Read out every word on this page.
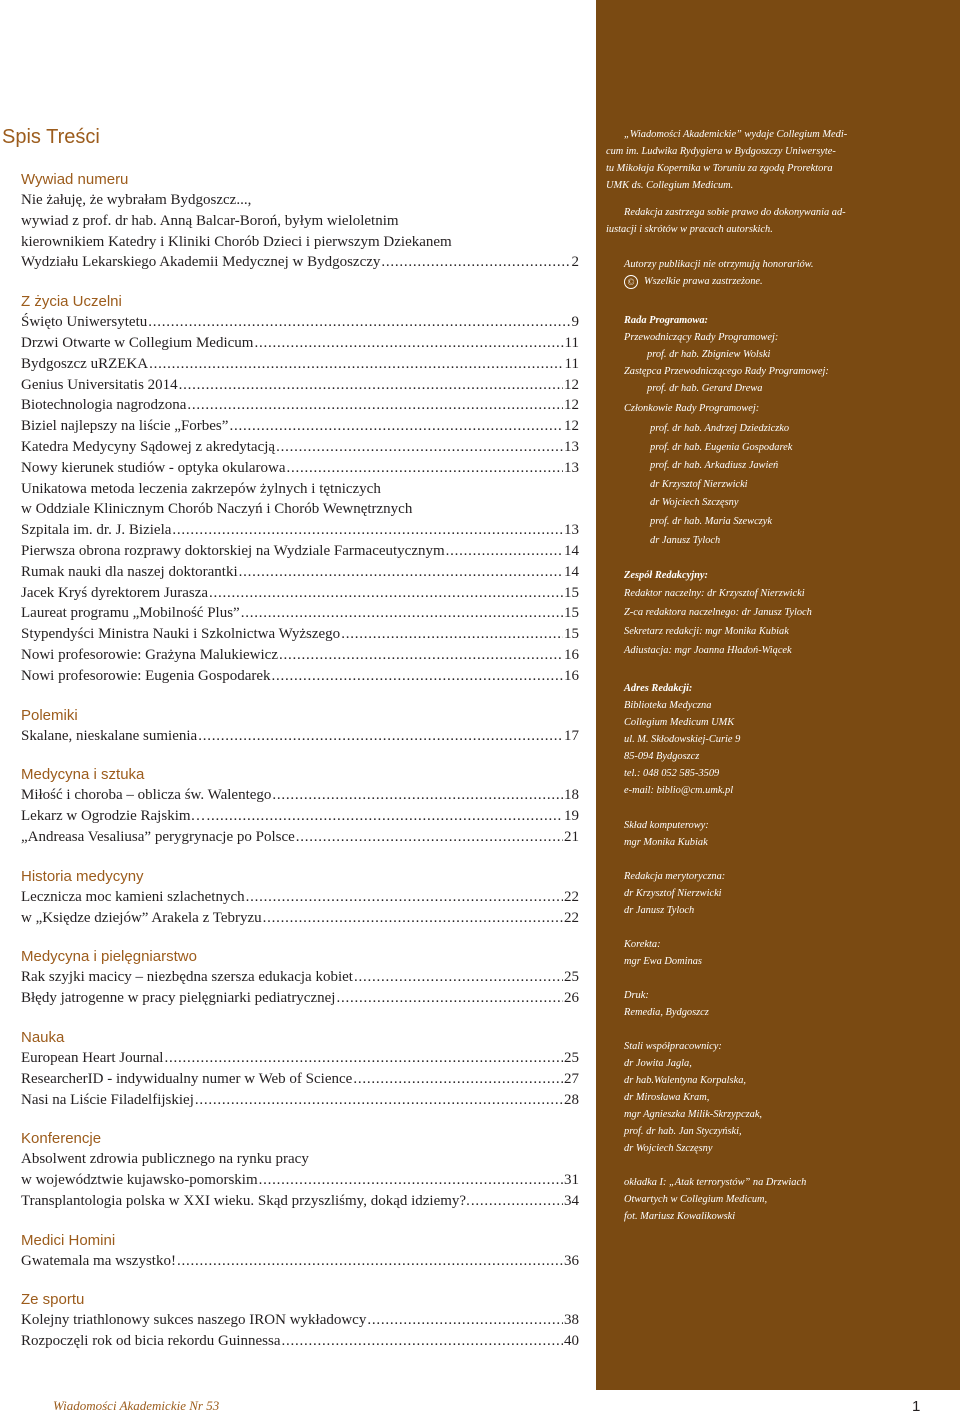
Spis Treści
Wywiad numeru
Nie żałuję, że wybrałam Bydgoszcz...,
wywiad z prof. dr hab. Anną Balcar-Boroń, byłym wieloletnim
kierownikiem Katedry i Kliniki Chorób Dzieci i pierwszym Dziekanem
Wydziału Lekarskiego Akademii Medycznej w Bydgoszczy . . .	2
Z życia Uczelni
Święto Uniwersytetu . . .	9
Drzwi Otwarte w Collegium Medicum . . .	11
Bydgoszcz uRZEKA . . .	11
Genius Universitatis 2014 . . .	12
Biotechnologia nagrodzona . . .	12
Biziel najlepszy na liście „Forbes” . . .	12
Katedra Medycyny Sądowej z akredytacją . . .	13
Nowy kierunek studiów - optyka okularowa . . .	13
Unikatowa metoda leczenia zakrzepów żylnych i tętniczych
w Oddziale Klinicznym Chorób Naczyń i Chorób Wewnętrznych
Szpitala im. dr. J. Biziela . . .	13
Pierwsza obrona rozprawy doktorskiej na Wydziale Farmaceutycznym . . .	14
Rumak nauki dla naszej doktorantki . . .	14
Jacek Kryś dyrektorem Jurasza . . .	15
Laureat programu „Mobilność Plus” . . .	15
Stypendyści Ministra Nauki i Szkolnictwa Wyższego . . .	15
Nowi profesorowie: Grażyna Malukiewicz . . .	16
Nowi profesorowie: Eugenia Gospodarek . . .	16
Polemiki
Skalane, nieskalane sumienia . . .	17
Medycyna i sztuka
Miłość i choroba – oblicza św. Walentego . . .	18
Lekarz w Ogrodzie Rajskim… . . .	19
„Andreasa Vesaliusa” perygrynacje po Polsce . . .	21
Historia medycyny
Lecznicza moc kamieni szlachetnych . . .	22
w „Księdze dziejów” Arakela z Tebryzu . . .	22
Medycyna i pielęgniarstwo
Rak szyjki macicy – niezbędna szersza edukacja kobiet . . .	25
Błędy jatrogenne w pracy pielęgniarki pediatrycznej . . .	26
Nauka
European Heart Journal . . .	25
ResearcherID - indywidualny numer w Web of Science . . .	27
Nasi na Liście Filadelfijskiej . . .	28
Konferencje
Absolwent zdrowia publicznego na rynku pracy
w województwie kujawsko-pomorskim . . .	31
Transplantologia polska w XXI wieku. Skąd przyszliśmy, dokąd idziemy?. . . .	34
Medici Homini
Gwatemala ma wszystko! . . .	36
Ze sportu
Kolejny triathlonowy sukces naszego IRON wykładowcy . . .	38
Rozpoczęli rok od bicia rekordu Guinnessa . . .	40
Wiadomości Akademickie Nr 53	1
„Wiadomości Akademickie” wydaje Collegium Medi-
cum im. Ludwika Rydygiera w Bydgoszczy Uniwersyte-
tu Mikołaja Kopernika w Toruniu za zgodą Prorektora
UMK ds. Collegium Medicum.
Redakcja zastrzega sobie prawo do dokonywania ad-
iustacji i skrótów w pracach autorskich.
Autorzy publikacji nie otrzymują honorariów.
© Wszelkie prawa zastrzeżone.
Rada Programowa:
Przewodniczący Rady Programowej:
prof. dr hab. Zbigniew Wolski
Zastępca Przewodniczącego Rady Programowej:
prof. dr hab. Gerard Drewa
Członkowie Rady Programowej:
prof. dr hab. Andrzej Dziedziczko
prof. dr hab. Eugenia Gospodarek
prof. dr hab. Arkadiusz Jawień
dr Krzysztof Nierzwicki
dr Wojciech Szczęsny
prof. dr hab. Maria Szewczyk
dr Janusz Tyloch
Zespół Redakcyjny:
Redaktor naczelny: dr Krzysztof Nierzwicki
Z-ca redaktora naczelnego: dr Janusz Tyloch
Sekretarz redakcji: mgr Monika Kubiak
Adiustacja: mgr Joanna Hładoń-Wiącek
Adres Redakcji:
Biblioteka Medyczna
Collegium Medicum UMK
ul. M. Skłodowskiej-Curie 9
85-094 Bydgoszcz
tel.: 048 052 585-3509
e-mail: biblio@cm.umk.pl
Skład komputerowy:
mgr Monika Kubiak
Redakcja merytoryczna:
dr Krzysztof Nierzwicki
dr Janusz Tyloch
Korekta:
mgr Ewa Dominas
Druk:
Remedia, Bydgoszcz
Stali współpracownicy:
dr Jowita Jagla,
dr hab.Walentyna Korpalska,
dr Mirosława Kram,
mgr Agnieszka Milik-Skrzypczak,
prof. dr hab. Jan Styczyński,
dr Wojciech Szczęsny
okładka I: „Atak terrorystów” na Drzwiach
Otwartych w Collegium Medicum,
fot. Mariusz Kowalikowski
